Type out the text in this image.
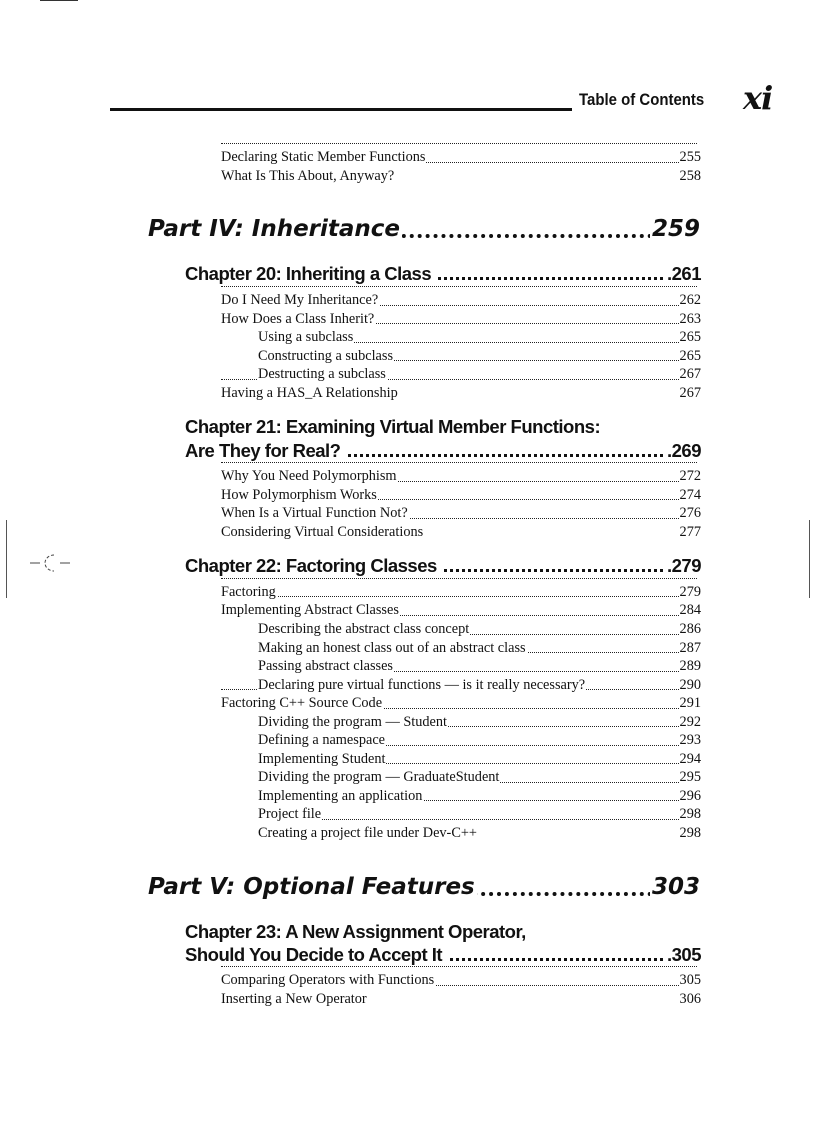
Table of Contents xi
Declaring Static Member Functions	255
What Is This About, Anyway?	258
Part IV: Inheritance	259
Chapter 20: Inheriting a Class	.261
Do I Need My Inheritance?	262
How Does a Class Inherit?	263
Using a subclass	265
Constructing a subclass	265
Destructing a subclass	267
Having a HAS_A Relationship	267
Chapter 21: Examining Virtual Member Functions:
Are They for Real?	.269
Why You Need Polymorphism	272
How Polymorphism Works	274
When Is a Virtual Function Not?	276
Considering Virtual Considerations	277
Chapter 22: Factoring Classes	.279
Factoring	279
Implementing Abstract Classes	284
Describing the abstract class concept	286
Making an honest class out of an abstract class	287
Passing abstract classes	289
Declaring pure virtual functions — is it really necessary?	290
Factoring C++ Source Code	291
Dividing the program — Student	292
Defining a namespace	293
Implementing Student	294
Dividing the program — GraduateStudent	295
Implementing an application	296
Project file	298
Creating a project file under Dev-C++	298
Part V: Optional Features	303
Chapter 23: A New Assignment Operator,
Should You Decide to Accept It	.305
Comparing Operators with Functions	305
Inserting a New Operator	306
